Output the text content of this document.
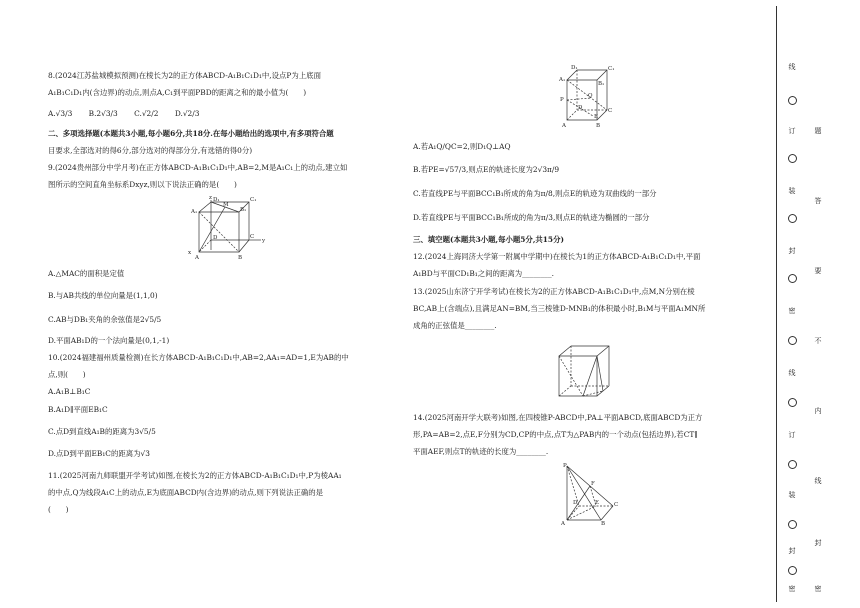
8.(2024江苏盐城模拟预测)在棱长为2的正方体ABCD-A₁B₁C₁D₁中,设点P为上底面
A₁B₁C₁D₁内(含边界)的动点,则点A,C₁到平面PBD的距离之和的最小值为(　　)
A.√3/3 B.2√3/3 C.√2/2 D.√2/3
二、多项选择题(本题共3小题,每小题6分,共18分.在每小题给出的选项中,有多项符合题
目要求,全部选对的得6分,部分选对的得部分分,有选错的得0分)
9.(2024贵州部分中学月考)在正方体ABCD-A₁B₁C₁D₁中,AB=2,M是A₁C₁上的动点,建立如
图所示的空间直角坐标系Dxyz,则以下说法正确的是(　　)
z D₁	C₁
A₁	B₁
M
D	C
y
A	B
x
A.△MAC的面积是定值
B.与AB共线的单位向量是(1,1,0)
C.AB与DB₁夹角的余弦值是2√5/5
D.平面AB₁D的一个法向量是(0,1,-1)
10.(2024福建福州质量检测)在长方体ABCD-A₁B₁C₁D₁中,AB=2,AA₁=AD=1,E为AB的中
点,则(　　)
A.A₁B⊥B₁C
B.A₁D∥平面EB₁C
C.点D到直线A₁B的距离为3√5/5
D.点D到平面EB₁C的距离为√3
11.(2025河南九师联盟开学考试)如图,在棱长为2的正方体ABCD-A₁B₁C₁D₁中,P为棱AA₁
的中点,Q为线段A₁C上的动点,E为底面ABCD内(含边界)的动点,则下列说法正确的是
(　　)
D₁	C₁
A₁
B₁
P
Q
D	C
E
A	B
A.若A₁Q/QC=2,则D₁Q⊥AQ
B.若PE=√57/3,则点E的轨迹长度为2√3π/9
C.若直线PE与平面BCC₁B₁所成的角为π/8,则点E的轨迹为双曲线的一部分
D.若直线PE与平面BCC₁B₁所成的角为π/3,则点E的轨迹为椭圆的一部分
三、填空题(本题共3小题,每小题5分,共15分)
12.(2024上海同济大学第一附属中学期中)在棱长为1的正方体ABCD-A₁B₁C₁D₁中,平面
A₁BD与平面CD₁B₁之间的距离为________.
13.(2025山东济宁开学考试)在棱长为2的正方体ABCD-A₁B₁C₁D₁中,点M,N分别在棱
BC,AB上(含端点),且满足AN=BM,当三棱锥D-MNB₁的体积最小时,B₁M与平面A₁MN所
成角的正弦值是________.
14.(2025河南开学大联考)如图,在四棱锥P-ABCD中,PA⊥平面ABCD,底面ABCD为正方
形,PA=AB=2,点E,F分别为CD,CP的中点,点T为△PAB内的一个动点(包括边界),若CT∥
平面AEF,则点T的轨迹的长度为________.
P
F
D	C
E
A	B
线
订
装
封
密
线
订
装
封
密
题
答
要
不
内
线
封
密
